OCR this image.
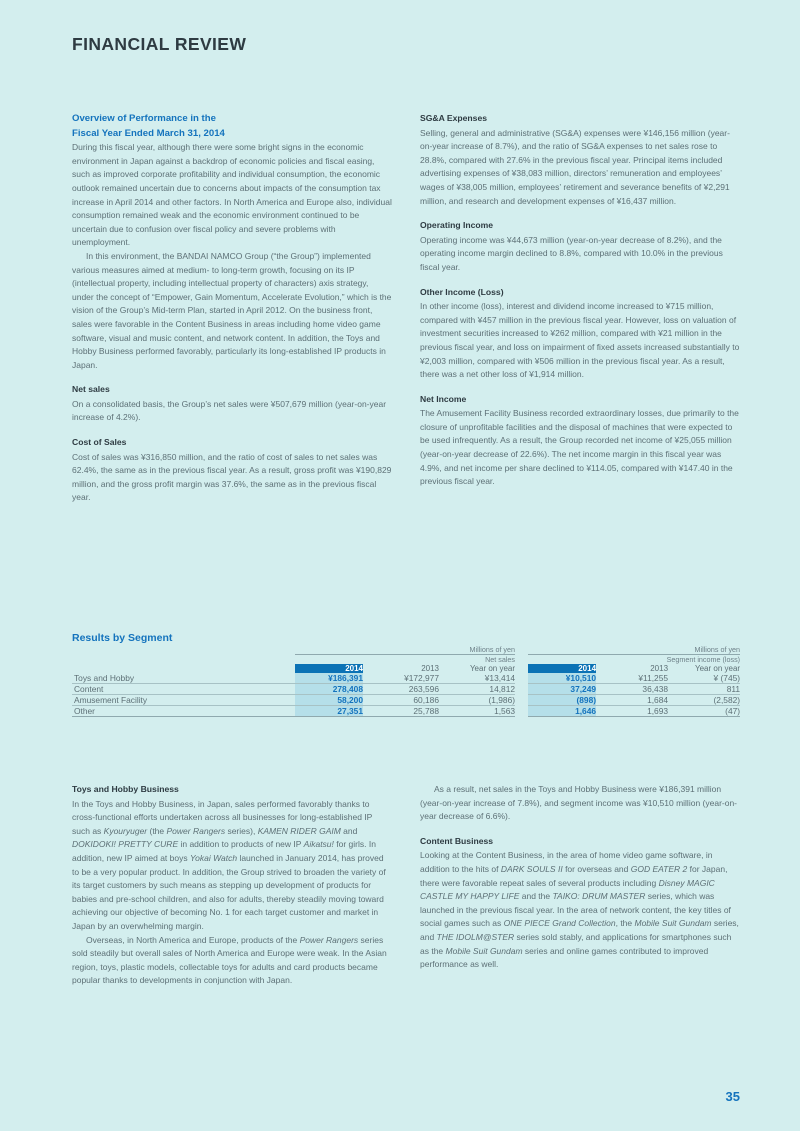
FINANCIAL REVIEW
Overview of Performance in the
Fiscal Year Ended March 31, 2014

During this fiscal year, although there were some bright signs in the economic environment in Japan against a backdrop of economic policies and fiscal easing, such as improved corporate profitability and individual consumption, the economic outlook remained uncertain due to concerns about impacts of the consumption tax increase in April 2014 and other factors. In North America and Europe also, individual consumption remained weak and the economic environment continued to be uncertain due to confusion over fiscal policy and severe problems with unemployment.

In this environment, the BANDAI NAMCO Group (“the Group”) implemented various measures aimed at medium- to long-term growth, focusing on its IP (intellectual property, including intellectual property of characters) axis strategy, under the concept of “Empower, Gain Momentum, Accelerate Evolution,” which is the vision of the Group’s Mid-term Plan, started in April 2012. On the business front, sales were favorable in the Content Business in areas including home video game software, visual and music content, and network content. In addition, the Toys and Hobby Business performed favorably, particularly its long-established IP products in Japan.

Net sales

On a consolidated basis, the Group’s net sales were ¥507,679 million (year-on-year increase of 4.2%).

Cost of Sales

Cost of sales was ¥316,850 million, and the ratio of cost of sales to net sales was 62.4%, the same as in the previous fiscal year. As a result, gross profit was ¥190,829 million, and the gross profit margin was 37.6%, the same as in the previous fiscal year.

SG&A Expenses

Selling, general and administrative (SG&A) expenses were ¥146,156 million (year-on-year increase of 8.7%), and the ratio of SG&A expenses to net sales rose to 28.8%, compared with 27.6% in the previous fiscal year. Principal items included advertising expenses of ¥38,083 million, directors’ remuneration and employees’ wages of ¥38,005 million, employees’ retirement and severance benefits of ¥2,291 million, and research and development expenses of ¥16,437 million.

Operating Income

Operating income was ¥44,673 million (year-on-year decrease of 8.2%), and the operating income margin declined to 8.8%, compared with 10.0% in the previous fiscal year.

Other Income (Loss)

In other income (loss), interest and dividend income increased to ¥715 million, compared with ¥457 million in the previous fiscal year. However, loss on valuation of investment securities increased to ¥262 million, compared with ¥21 million in the previous fiscal year, and loss on impairment of fixed assets increased substantially to ¥2,003 million, compared with ¥506 million in the previous fiscal year. As a result, there was a net other loss of ¥1,914 million.

Net Income

The Amusement Facility Business recorded extraordinary losses, due primarily to the closure of unprofitable facilities and the disposal of machines that were expected to be used infrequently. As a result, the Group recorded net income of ¥25,055 million (year-on-year decrease of 22.6%). The net income margin in this fiscal year was 4.9%, and net income per share declined to ¥114.05, compared with ¥147.40 in the previous fiscal year.

Results by Segment
	Millions of yen				Millions of yen		

	Net sales				Segment income (loss)		
	2014	2013	Year on year		2014	2013	Year on year
Toys and Hobby	¥186,391	¥172,977	¥13,414		¥10,510	¥11,255	¥ (745)
Content	278,408	263,596	14,812		37,249	36,438	811
Amusement Facility	58,200	60,186	(1,986)		(898)	1,684	(2,582)
Other	27,351	25,788	1,563		1,646	1,693	(47)
Toys and Hobby Business

In the Toys and Hobby Business, in Japan, sales performed favorably thanks to cross-functional efforts undertaken across all businesses for long-established IP such as Kyouryuger (the Power Rangers series), KAMEN RIDER GAIM and DOKIDOKI! PRETTY CURE in addition to products of new IP Aikatsu! for girls. In addition, new IP aimed at boys Yokai Watch launched in January 2014, has proved to be a very popular product. In addition, the Group strived to broaden the variety of its target customers by such means as stepping up development of products for babies and pre-school children, and also for adults, thereby steadily moving toward achieving our objective of becoming No. 1 for each target customer and market in Japan by an overwhelming margin.

Overseas, in North America and Europe, products of the Power Rangers series sold steadily but overall sales of North America and Europe were weak. In the Asian region, toys, plastic models, collectable toys for adults and card products became popular thanks to developments in conjunction with Japan.

As a result, net sales in the Toys and Hobby Business were ¥186,391 million (year-on-year increase of 7.8%), and segment income was ¥10,510 million (year-on-year decrease of 6.6%).

Content Business

Looking at the Content Business, in the area of home video game software, in addition to the hits of DARK SOULS II for overseas and GOD EATER 2 for Japan, there were favorable repeat sales of several products including Disney MAGIC CASTLE MY HAPPY LIFE and the TAIKO: DRUM MASTER series, which was launched in the previous fiscal year. In the area of network content, the key titles of social games such as ONE PIECE Grand Collection, the Mobile Suit Gundam series, and THE IDOLM@STER series sold stably, and applications for smartphones such as the Mobile Suit Gundam series and online games contributed to improved performance as well.

35
